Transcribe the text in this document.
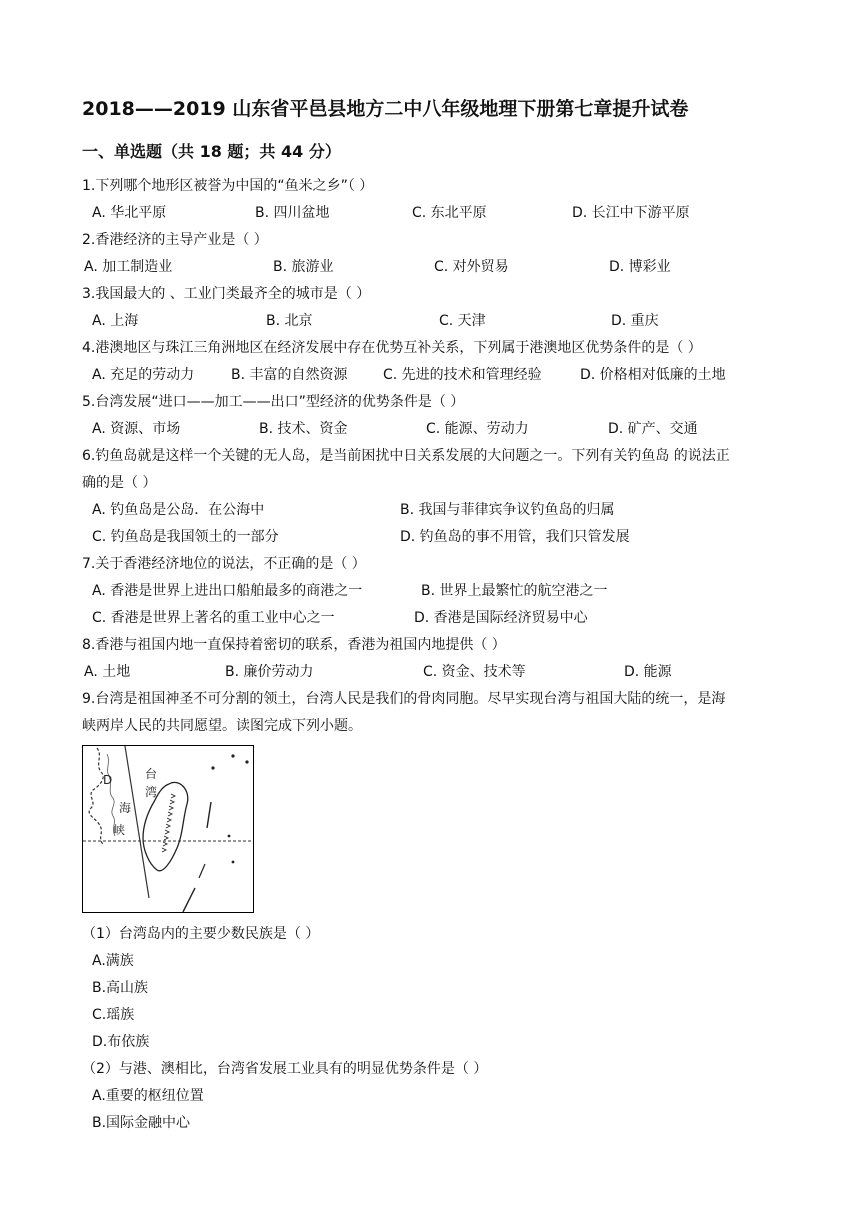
2018——2019 山东省平邑县地方二中八年级地理下册第七章提升试卷
一、单选题（共 18 题；共 44 分）
1.下列哪个地形区被誉为中国的“鱼米之乡”（ ）
A. 华北平原	B. 四川盆地	C. 东北平原	D. 长江中下游平原
2.香港经济的主导产业是（ ）
A. 加工制造业	B. 旅游业	C. 对外贸易	D. 博彩业
3.我国最大的 、工业门类最齐全的城市是（ ）
A. 上海	B. 北京	C. 天津	D. 重庆
4.港澳地区与珠江三角洲地区在经济发展中存在优势互补关系，下列属于港澳地区优势条件的是（ ）
A. 充足的劳动力	B. 丰富的自然资源	C. 先进的技术和管理经验	D. 价格相对低廉的土地
5.台湾发展“进口——加工——出口”型经济的优势条件是（ ）
A. 资源、市场	B. 技术、资金	C. 能源、劳动力	D. 矿产、交通
6.钓鱼岛就是这样一个关键的无人岛，是当前困扰中日关系发展的大问题之一。下列有关钓鱼岛 的说法正
确的是（ ）
A. 钓鱼岛是公岛．在公海中	B. 我国与菲律宾争议钓鱼岛的归属
C. 钓鱼岛是我国领土的一部分	D. 钓鱼岛的事不用管，我们只管发展
7.关于香港经济地位的说法，不正确的是（ ）
A. 香港是世界上进出口船舶最多的商港之一	B. 世界上最繁忙的航空港之一
C. 香港是世界上著名的重工业中心之一	D. 香港是国际经济贸易中心
8.香港与祖国内地一直保持着密切的联系，香港为祖国内地提供（ ）
A. 土地	B. 廉价劳动力	C. 资金、技术等	D. 能源
9.台湾是祖国神圣不可分割的领土，台湾人民是我们的骨肉同胞。尽早实现台湾与祖国大陆的统一，是海
峡两岸人民的共同愿望。读图完成下列小题。
D	台
湾
海
峡
（1）台湾岛内的主要少数民族是（ ）
A.满族
B.高山族
C.瑶族
D.布依族
（2）与港、澳相比，台湾省发展工业具有的明显优势条件是（ ）
A.重要的枢纽位置
B.国际金融中心
